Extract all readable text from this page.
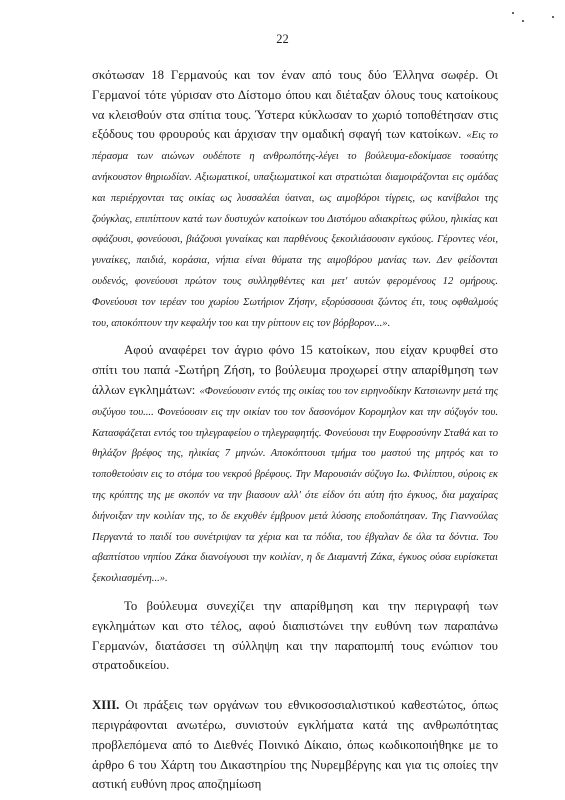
22

σκότωσαν 18 Γερμανούς και τον έναν από τους δύο Έλληνα σωφέρ. Οι Γερμανοί τότε γύρισαν στο Δίστομο όπου και διέταξαν όλους τους κατοίκους να κλεισθούν στα σπίτια τους. Ύστερα κύκλωσαν το χωριό τοποθέτησαν στις εξόδους του φρουρούς και άρχισαν την ομαδική σφαγή των κατοίκων. «Εις το πέρασμα των αιώνων ουδέποτε η ανθρωπότης-λέγει το βούλευμα-εδοκίμασε τοσαύτης ανήκουστον θηριωδίαν. Αξιωματικοί, υπαξιωματικοί και στρατιώται διαμοιράζονται εις ομάδας και περιέρχονται τας οικίας ως λυσσαλέαι ύαιναι, ως αιμοβόροι τίγρεις, ως κανίβαλοι της ζούγκλας, επιπίπτουν κατά των δυστυχών κατοίκων του Διστόμου αδιακρίτως φύλου, ηλικίας και σφάζουσι, φονεύουσι, βιάζουσι γυναίκας και παρθένους ξεκοιλιάσουσιν εγκύους. Γέροντες νέοι, γυναίκες, παιδιά, κοράσια, νήπια είναι θύματα της αιμοβόρου μανίας των. Δεν φείδονται ουδενός, φονεύουσι πρώτον τους συλληφθέντες και μετ' αυτών φερομένους 12 ομήρους. Φονεύουσι τον ιερέαν του χωρίου Σωτήριον Ζήσην, εξορύσσουσι ζώντος έτι, τους οφθαλμούς του, αποκόπτουν την κεφαλήν του και την ρίπτουν εις τον βόρβορον...».

Αφού αναφέρει τον άγριο φόνο 15 κατοίκων, που είχαν κρυφθεί στο σπίτι του παπά -Σωτήρη Ζήση, το βούλευμα προχωρεί στην απαρίθμηση των άλλων εγκλημάτων: «Φονεύουσιν εντός της οικίας του τον ειρηνοδίκην Κατσιωνην μετά της συζύγου του.... Φονεύουσιν εις την οικίαν του τον δασονόμον Κορομηλον και την σύζυγόν του. Κατασφάζεται εντός του τηλεγραφείου ο τηλεγραφητής. Φονεύουσι την Ευφροσύνην Σταθά και το θηλάζον βρέφος της, ηλικίας 7 μηνών. Αποκόπτουσι τμήμα του μαστού της μητρός και το τοποθετούσιν εις το στόμα του νεκρού βρέφους. Την Μαρουσιάν σύζυγο Ιω. Φιλίππου, σύροις εκ της κρύπτης της με σκοπόν να την βιασουν αλλ' ότε είδον ότι αύτη ήτο έγκυος, δια μαχαίρας διήνοιξαν την κοιλίαν της, το δε εκχυθέν έμβρυον μετά λύσσης εποδοπάτησαν. Της Γιαννούλας Περγαντά το παιδί του συνέτριψαν τα χέρια και τα πόδια, του έβγαλαν δε όλα τα δόντια. Του αβαπτίστου νηπίου Ζάκα διανοίγουσι την κοιλίαν, η δε Διαμαντή Ζάκα, έγκυος ούσα ευρίσκεται ξεκοιλιασμένη...».

Το βούλευμα συνεχίζει την απαρίθμηση και την περιγραφή των εγκλημάτων και στο τέλος, αφού διαπιστώνει την ευθύνη των παραπάνω Γερμανών, διατάσσει τη σύλληψη και την παραπομπή τους ενώπιον του στρατοδικείου.

XIII. Οι πράξεις των οργάνων του εθνικοσοσιαλιστικού καθεστώτος, όπως περιγράφονται ανωτέρω, συνιστούν εγκλήματα κατά της ανθρωπότητας προβλεπόμενα από το Διεθνές Ποινικό Δίκαιο, όπως κωδικοποιήθηκε με το άρθρο 6 του Χάρτη του Δικαστηρίου της Νυρεμβέργης και για τις οποίες την αστική ευθύνη προς αποζημίωση
